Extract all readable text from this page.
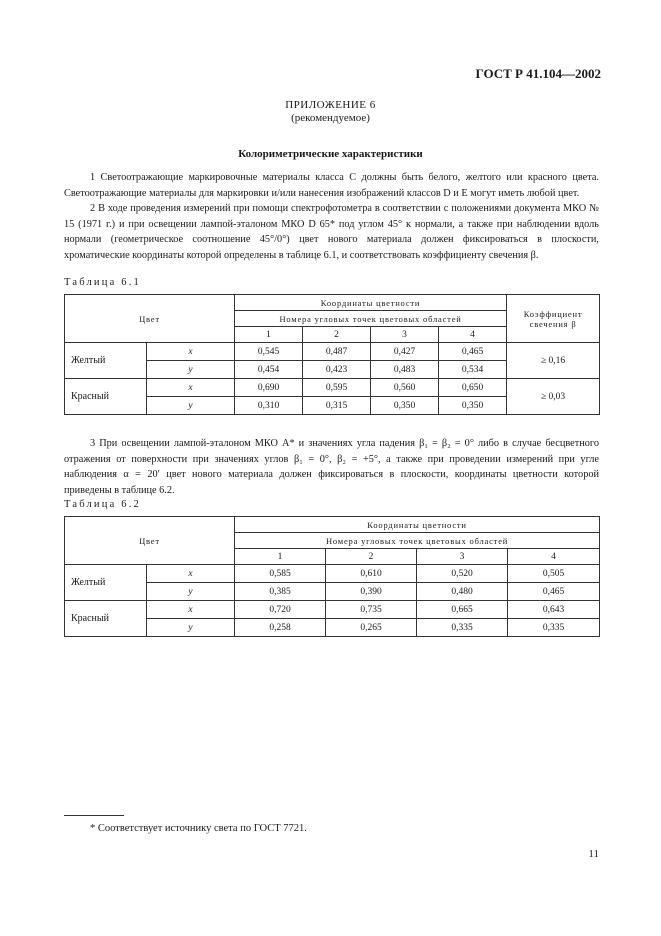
ГОСТ Р 41.104—2002
ПРИЛОЖЕНИЕ 6
(рекомендуемое)
Колориметрические характеристики

1 Светоотражающие маркировочные материалы класса C должны быть белого, желтого или красного цвета. Светоотражающие материалы для маркировки и/или нанесения изображений классов D и E могут иметь любой цвет.

2 В ходе проведения измерений при помощи спектрофотометра в соответствии с положениями документа МКО № 15 (1971 г.) и при освещении лампой-эталоном МКО D 65* под углом 45° к нормали, а также при наблюдении вдоль нормали (геометрическое соотношение 45°/0°) цвет нового материала должен фиксироваться в плоскости, хроматические координаты которой определены в таблице 6.1, и соответствовать коэффициенту свечения β.

Таблица 6.1
Цвет		Координаты цветности				Коэффициент свечения β
		Номера угловых точек цветовых областей				
		1	2	3	4	
Желтый	x	0,545	0,487	0,427	0,465	≥ 0,16
	y	0,454	0,423	0,483	0,534	
Красный	x	0,690	0,595	0,560	0,650	≥ 0,03
	y	0,310	0,315	0,350	0,350	

3 При освещении лампой-эталоном МКО A* и значениях угла падения β₁ = β₂ = 0° либо в случае бесцветного отражения от поверхности при значениях углов β₁ = 0°, β₂ = +5°, а также при проведении измерений при угле наблюдения α = 20′ цвет нового материала должен фиксироваться в плоскости, координаты цветности которой приведены в таблице 6.2.

Таблица 6.2
Цвет		Координаты цветности			
		Номера угловых точек цветовых областей			
		1	2	3	4
Желтый	x	0,585	0,610	0,520	0,505
	y	0,385	0,390	0,480	0,465
Красный	x	0,720	0,735	0,665	0,643
	y	0,258	0,265	0,335	0,335
* Соответствует источнику света по ГОСТ 7721.
11
